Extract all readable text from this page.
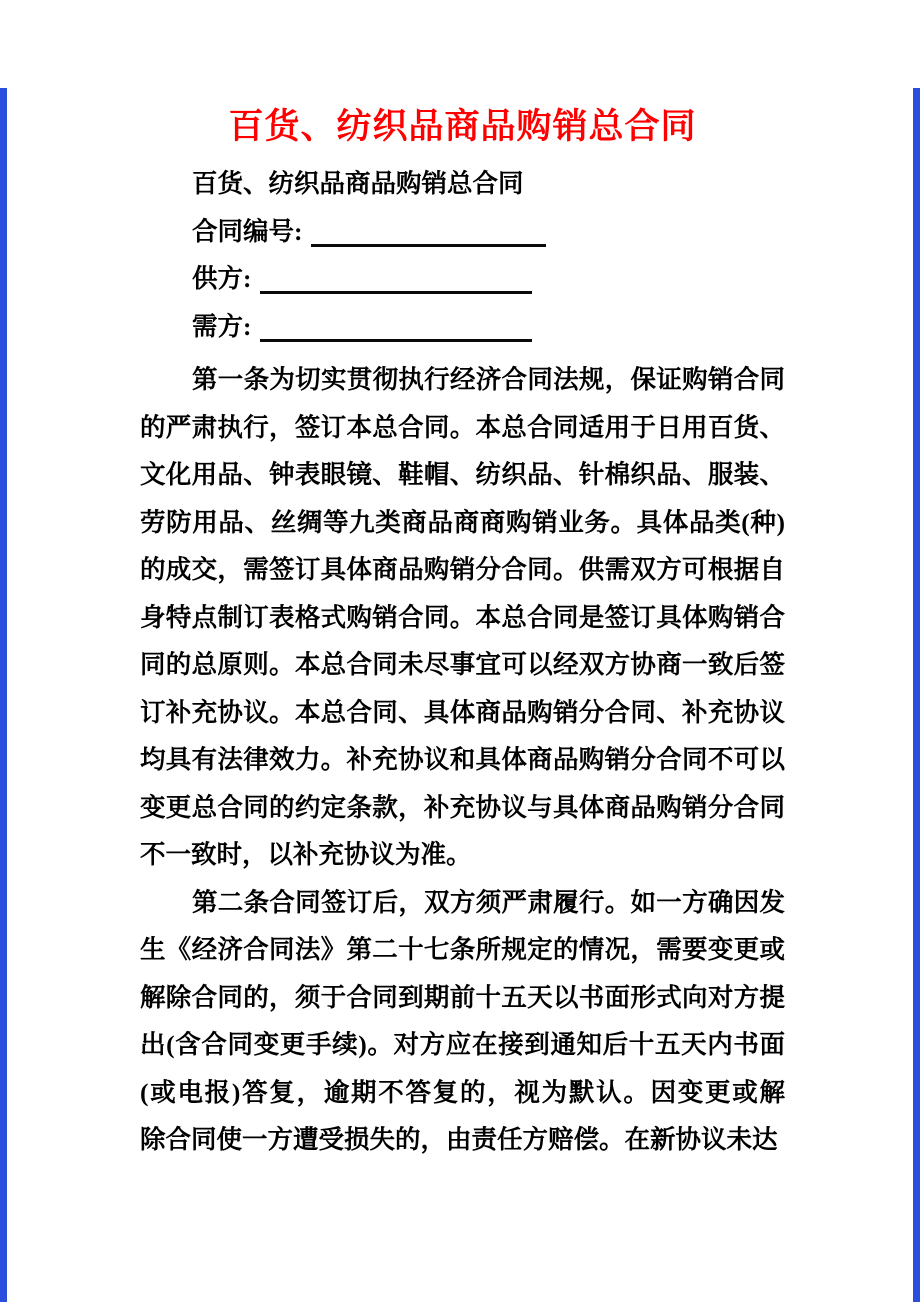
百货、纺织品商品购销总合同
百货、纺织品商品购销总合同
合同编号:
供方:
需方:
第一条为切实贯彻执行经济合同法规，保证购销合同
的严肃执行，签订本总合同。本总合同适用于日用百货、
文化用品、钟表眼镜、鞋帽、纺织品、针棉织品、服装、
劳防用品、丝绸等九类商品商商购销业务。具体品类(种)
的成交，需签订具体商品购销分合同。供需双方可根据自
身特点制订表格式购销合同。本总合同是签订具体购销合
同的总原则。本总合同未尽事宜可以经双方协商一致后签
订补充协议。本总合同、具体商品购销分合同、补充协议
均具有法律效力。补充协议和具体商品购销分合同不可以
变更总合同的约定条款，补充协议与具体商品购销分合同
不一致时，以补充协议为准。
第二条合同签订后，双方须严肃履行。如一方确因发
生《经济合同法》第二十七条所规定的情况，需要变更或
解除合同的，须于合同到期前十五天以书面形式向对方提
出(含合同变更手续)。对方应在接到通知后十五天内书面
(或电报)答复，逾期不答复的，视为默认。因变更或解
除合同使一方遭受损失的，由责任方赔偿。在新协议未达
